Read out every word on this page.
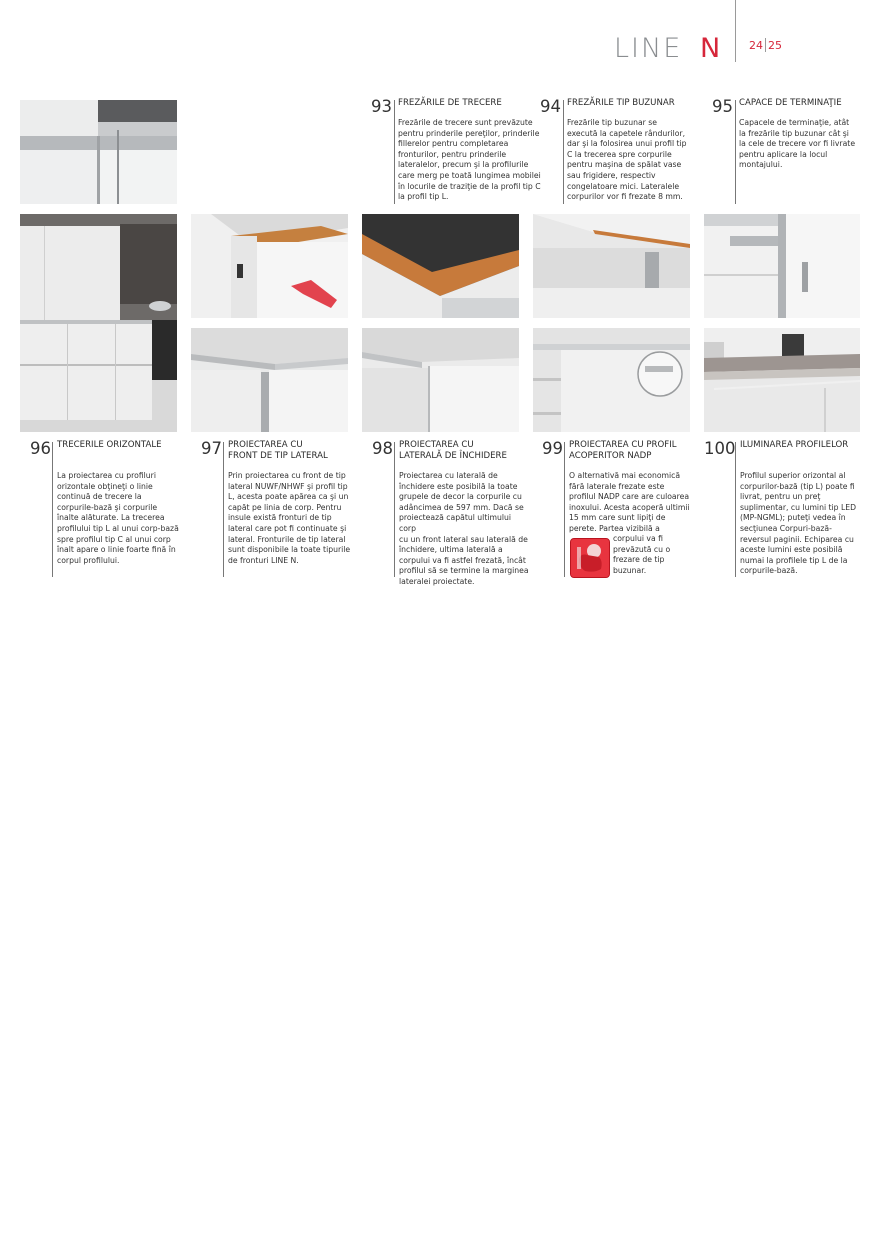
LINE N	24 25
93 FREZĂRILE DE TRECERE
Frezările de trecere sunt prevăzute
pentru prinderile pereţilor, prinderile
fillerelor pentru completarea
fronturilor, pentru prinderile
lateralelor, precum şi la profilurile
care merg pe toată lungimea mobilei
în locurile de traziţie de la profil tip C
la profil tip L.
94 FREZĂRILE TIP BUZUNAR
Frezările tip buzunar se
execută la capetele rândurilor,
dar şi la folosirea unui profil tip
C la trecerea spre corpurile
pentru maşina de spălat vase
sau frigidere, respectiv
congelatoare mici. Lateralele
corpurilor vor fi frezate 8 mm.
95 CAPACE DE TERMINAŢIE
Capacele de terminaţie, atât
la frezările tip buzunar cât şi
la cele de trecere vor fi livrate
pentru aplicare la locul
montajului.
96 TRECERILE ORIZONTALE
La proiectarea cu profiluri
orizontale obţineţi o linie
continuă de trecere la
corpurile-bază şi corpurile
înalte alăturate. La trecerea
profilului tip L al unui corp-bază
spre profilul tip C al unui corp
înalt apare o linie foarte fină în
corpul profilului.
97 PROIECTAREA CU
FRONT DE TIP LATERAL
Prin proiectarea cu front de tip
lateral NUWF/NHWF şi profil tip
L, acesta poate apărea ca şi un
capăt pe linia de corp. Pentru
insule există fronturi de tip
lateral care pot fi continuate şi
lateral. Fronturile de tip lateral
sunt disponibile la toate tipurile
de fronturi LINE N.
98 PROIECTAREA CU
LATERALĂ DE ÎNCHIDERE
Proiectarea cu laterală de
închidere este posibilă la toate
grupele de decor la corpurile cu
adâncimea de 597 mm. Dacă se
proiectează capătul ultimului corp
cu un front lateral sau laterală de
închidere, ultima laterală a
corpului va fi astfel frezată, încât
profilul să se termine la marginea
lateralei proiectate.
99 PROIECTAREA CU PROFIL
ACOPERITOR NADP
O alternativă mai economică
fără laterale frezate este
profilul NADP care are culoarea
inoxului. Acesta acoperă ultimii
15 mm care sunt lipiţi de
perete. Partea vizibilă a
corpului va fi
prevăzută cu o
frezare de tip
buzunar.
100 ILUMINAREA PROFILELOR
Profilul superior orizontal al
corpurilor-bază (tip L) poate fi
livrat, pentru un preţ
suplimentar, cu lumini tip LED
(MP-NGML); puteţi vedea în
secţiunea Corpuri-bază-
reversul paginii. Echiparea cu
aceste lumini este posibilă
numai la profilele tip L de la
corpurile-bază.
